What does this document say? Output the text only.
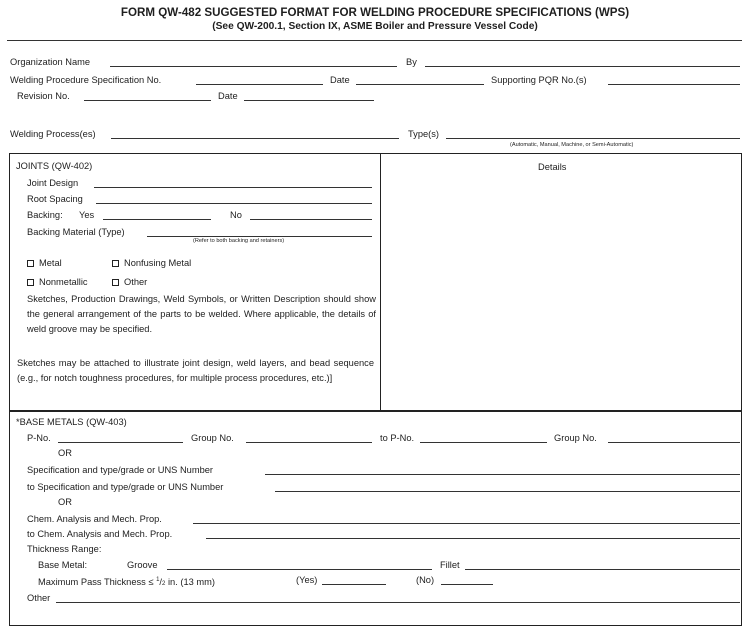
FORM QW-482 SUGGESTED FORMAT FOR WELDING PROCEDURE SPECIFICATIONS (WPS)
(See QW-200.1, Section IX, ASME Boiler and Pressure Vessel Code)
Organization Name	By
Welding Procedure Specification No.	Date	Supporting PQR No.(s)
Revision No.	Date
Welding Process(es)	Type(s)
(Automatic, Manual, Machine, or Semi-Automatic)
JOINTS (QW-402)	Details
Joint Design
Root Spacing
Backing: Yes	No
Backing Material (Type)
(Refer to both backing and retainers)
Metal	Nonfusing Metal
Nonmetallic	Other
Sketches, Production Drawings, Weld Symbols, or Written Description should show the general arrangement of the parts to be welded. Where applicable, the details of weld groove may be specified.
Sketches may be attached to illustrate joint design, weld layers, and bead sequence (e.g., for notch toughness procedures, for multiple process procedures, etc.)]
*BASE METALS (QW-403)
P-No.	Group No.	to P-No.	Group No.
OR
Specification and type/grade or UNS Number
to Specification and type/grade or UNS Number
OR
Chem. Analysis and Mech. Prop.
to Chem. Analysis and Mech. Prop.
Thickness Range:
Base Metal:	Groove	Fillet
Maximum Pass Thickness ≤ $^1$/2 in. (13 mm)	(Yes)	(No)
Other
